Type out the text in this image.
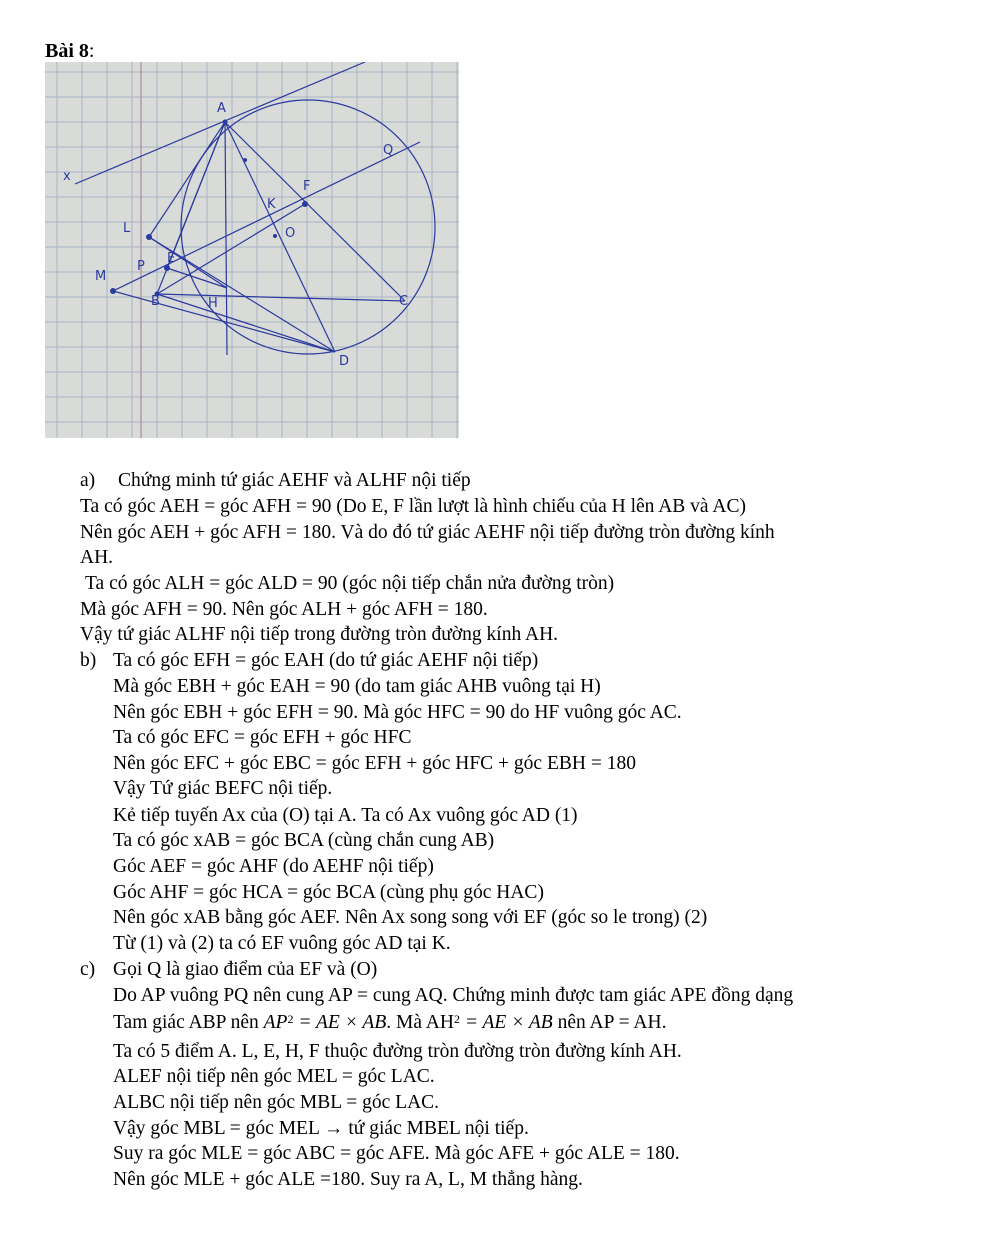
Bài 8:
A
Q
x
F
K
O
L
E
M
P
B	H	C
D
a) Chứng minh tứ giác AEHF và ALHF nội tiếp
Ta có góc AEH = góc AFH = 90 (Do E, F lần lượt là hình chiếu của H lên AB và AC)
Nên góc AEH + góc AFH = 180. Và do đó tứ giác AEHF nội tiếp đường tròn đường kính
AH.
Ta có góc ALH = góc ALD = 90 (góc nội tiếp chắn nửa đường tròn)
Mà góc AFH = 90. Nên góc ALH + góc AFH = 180.
Vậy tứ giác ALHF nội tiếp trong đường tròn đường kính AH.
b) Ta có góc EFH = góc EAH (do tứ giác AEHF nội tiếp)
Mà góc EBH + góc EAH = 90 (do tam giác AHB vuông tại H)
Nên góc EBH + góc EFH = 90. Mà góc HFC = 90 do HF vuông góc AC.
Ta có góc EFC = góc EFH + góc HFC
Nên góc EFC + góc EBC = góc EFH + góc HFC + góc EBH = 180
Vậy Tứ giác BEFC nội tiếp.
Kẻ tiếp tuyến Ax của (O) tại A. Ta có Ax vuông góc AD (1)
Ta có góc xAB = góc BCA (cùng chắn cung AB)
Góc AEF = góc AHF (do AEHF nội tiếp)
Góc AHF = góc HCA = góc BCA (cùng phụ góc HAC)
Nên góc xAB bằng góc AEF. Nên Ax song song với EF (góc so le trong) (2)
Từ (1) và (2) ta có EF vuông góc AD tại K.
c) Gọi Q là giao điểm của EF và (O)
Do AP vuông PQ nên cung AP = cung AQ. Chứng minh được tam giác APE đồng dạng
Tam giác ABP nên $AP^2$ = AE × AB. Mà $AH^2$ = AE × AB nên AP = AH.
Ta có 5 điểm A. L, E, H, F thuộc đường tròn đường tròn đường kính AH.
ALEF nội tiếp nên góc MEL = góc LAC.
ALBC nội tiếp nên góc MBL = góc LAC.
Vậy góc MBL = góc MEL → tứ giác MBEL nội tiếp.
Suy ra góc MLE = góc ABC = góc AFE. Mà góc AFE + góc ALE = 180.
Nên góc MLE + góc ALE =180. Suy ra A, L, M thẳng hàng.
